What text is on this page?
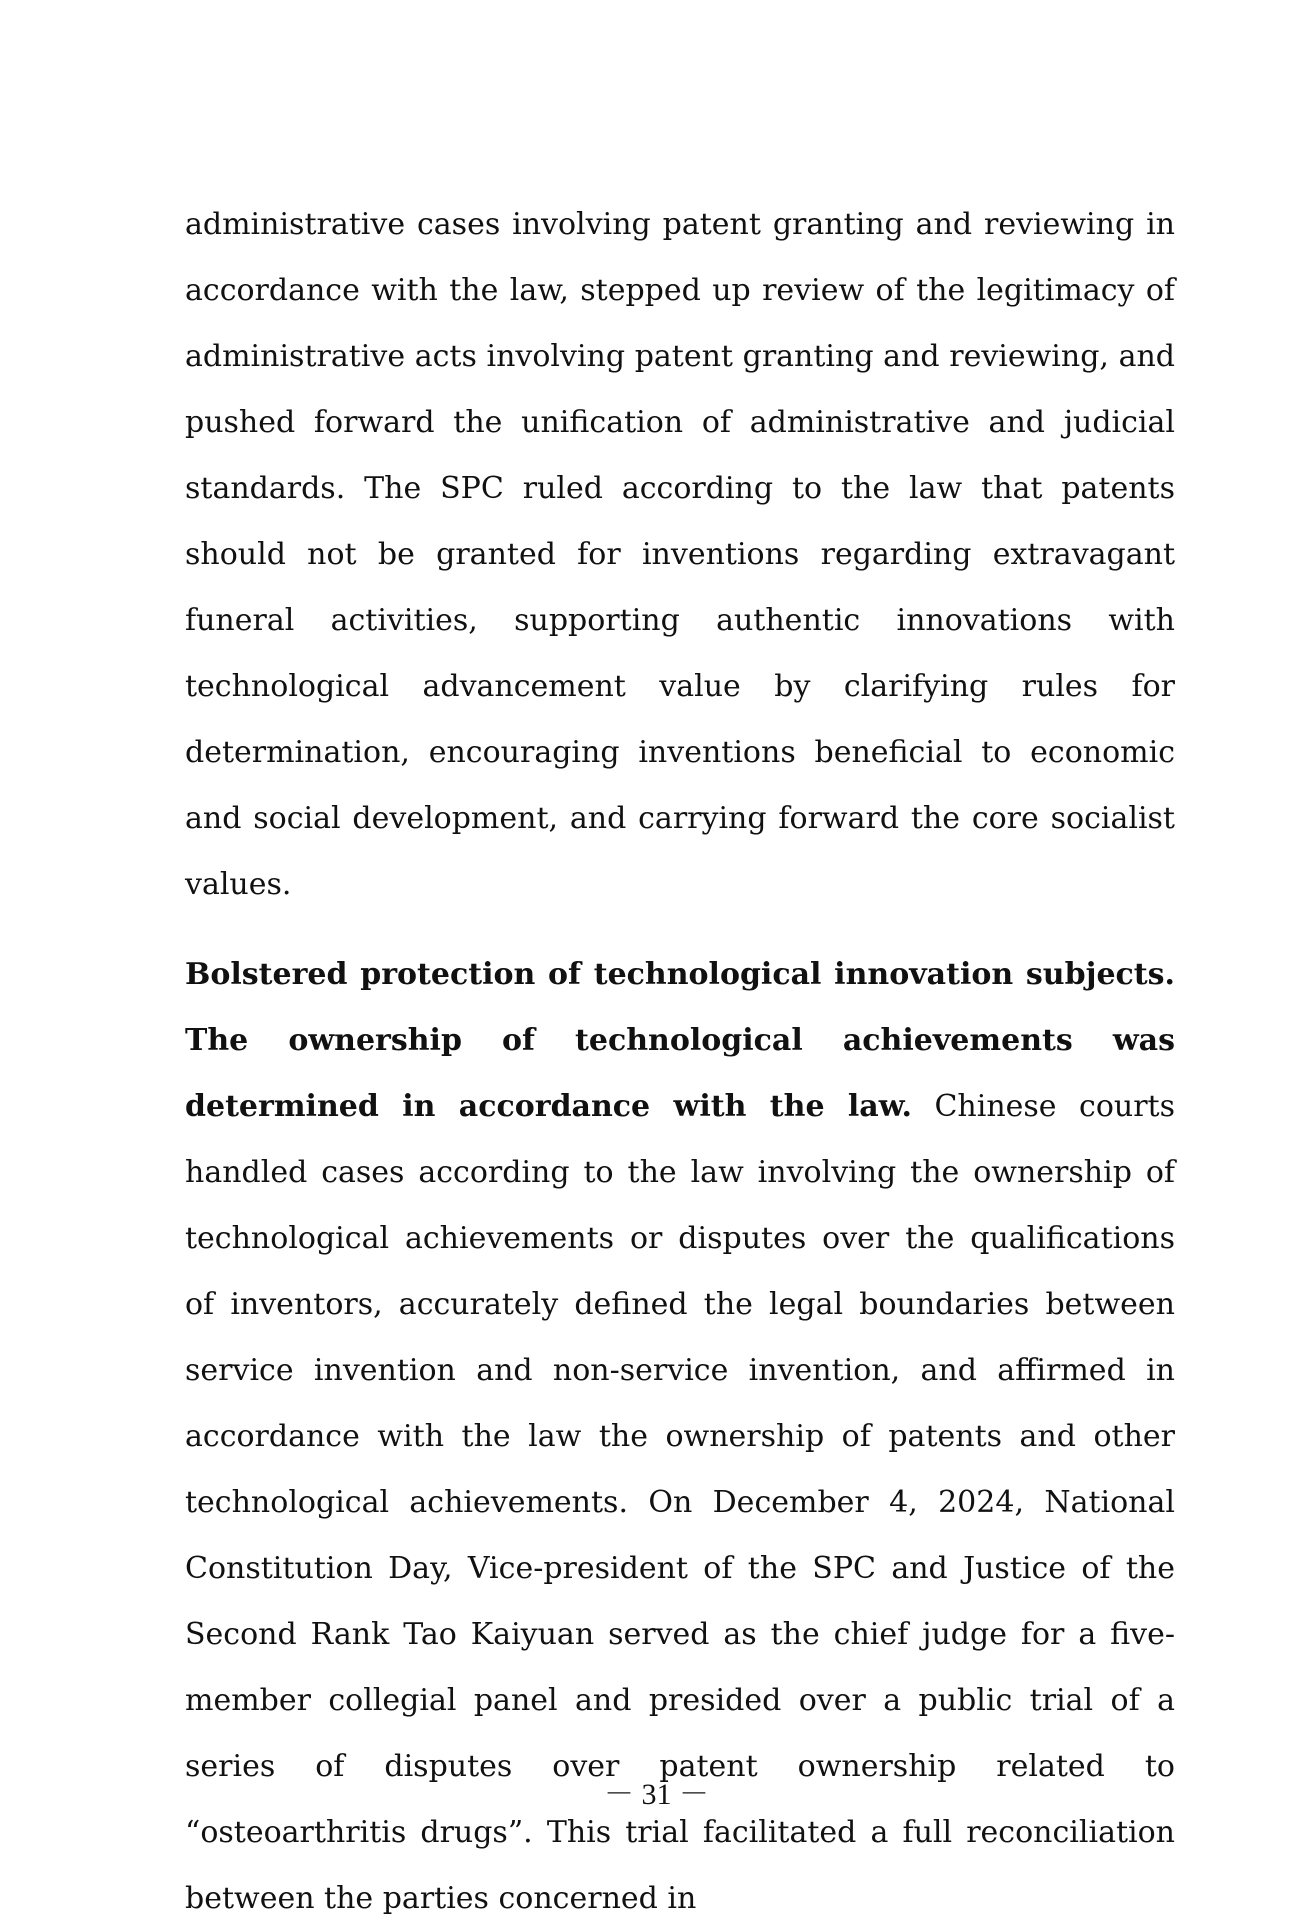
administrative cases involving patent granting and reviewing in accordance with the law, stepped up review of the legitimacy of administrative acts involving patent granting and reviewing, and pushed forward the unification of administrative and judicial standards. The SPC ruled according to the law that patents should not be granted for inventions regarding extravagant funeral activities, supporting authentic innovations with technological advancement value by clarifying rules for determination, encouraging inventions beneficial to economic and social development, and carrying forward the core socialist values.

Bolstered protection of technological innovation subjects. The ownership of technological achievements was determined in accordance with the law. Chinese courts handled cases according to the law involving the ownership of technological achievements or disputes over the qualifications of inventors, accurately defined the legal boundaries between service invention and non-service invention, and affirmed in accordance with the law the ownership of patents and other technological achievements. On December 4, 2024, National Constitution Day, Vice-president of the SPC and Justice of the Second Rank Tao Kaiyuan served as the chief judge for a five-member collegial panel and presided over a public trial of a series of disputes over patent ownership related to “osteoarthritis drugs”. This trial facilitated a full reconciliation between the parties concerned in

－ 31 －
